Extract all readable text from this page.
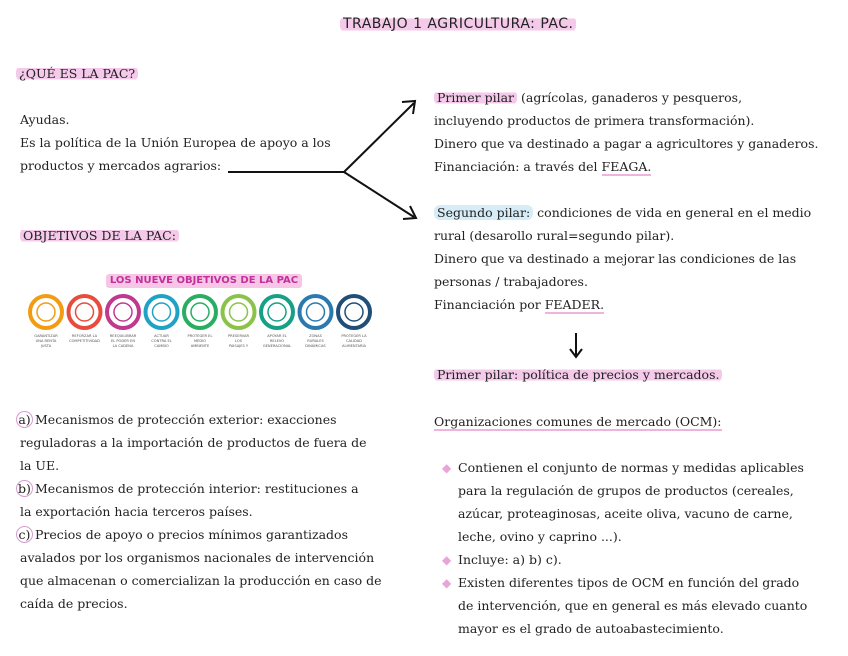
TRABAJO 1 AGRICULTURA: PAC.
¿QUÉ ES LA PAC?
Ayudas.
Es la política de la Unión Europea de apoyo a los
productos y mercados agrarios:
OBJETIVOS DE LA PAC:
LOS NUEVE OBJETIVOS DE LA PAC
GARANTIZAR
UNA RENTA
JUSTA
REFORZAR LA
COMPETITIVIDAD
REEQUILIBRAR
EL PODER EN
LA CADENA
ACTUAR
CONTRA EL
CAMBIO
PROTEGER EL
MEDIO
AMBIENTE
PRESERVAR
LOS
PAISAJES Y
APOYAR EL
RELEVO
GENERACIONAL
ZONAS
RURALES
DINÁMICAS
PROTEGER LA
CALIDAD
ALIMENTARIA
a) Mecanismos de protección exterior: exacciones
reguladoras a la importación de productos de fuera de
la UE.
b) Mecanismos de protección interior: restituciones a
la exportación hacia terceros países.
c) Precios de apoyo o precios mínimos garantizados
avalados por los organismos nacionales de intervención
que almacenan o comercializan la producción en caso de
caída de precios.
Primer pilar (agrícolas, ganaderos y pesqueros,
incluyendo productos de primera transformación).
Dinero que va destinado a pagar a agricultores y ganaderos.
Financiación: a través del FEAGA.
Segundo pilar: condiciones de vida en general en el medio
rural (desarollo rural=segundo pilar).
Dinero que va destinado a mejorar las condiciones de las
personas / trabajadores.
Financiación por FEADER.
Primer pilar: política de precios y mercados.
Organizaciones comunes de mercado (OCM):
◆ Contienen el conjunto de normas y medidas aplicables
para la regulación de grupos de productos (cereales,
azúcar, proteaginosas, aceite oliva, vacuno de carne,
leche, ovino y caprino ...).
◆ Incluye: a) b) c).
◆ Existen diferentes tipos de OCM en función del grado
de intervención, que en general es más elevado cuanto
mayor es el grado de autoabastecimiento.
